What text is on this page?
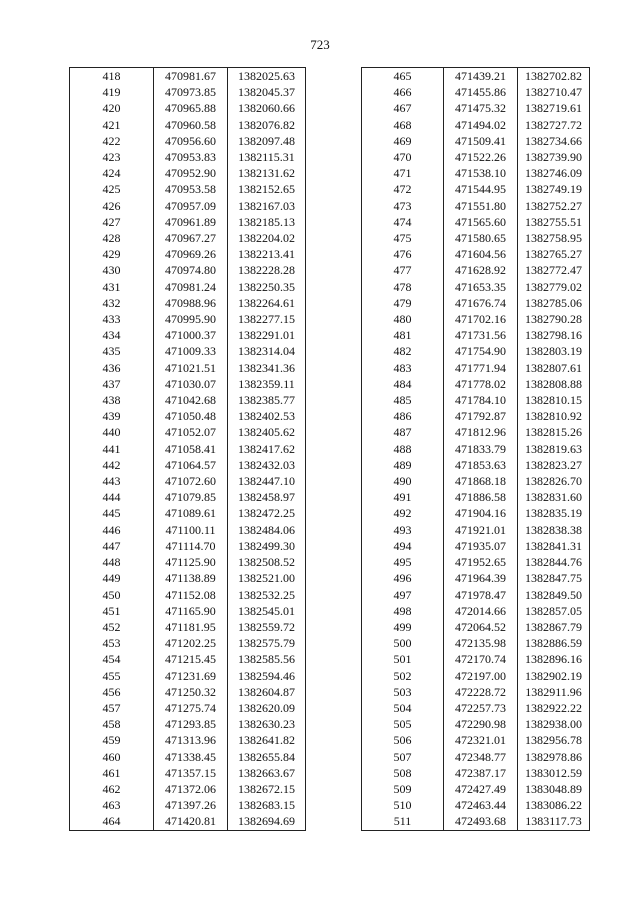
723
418	470981.67	1382025.63
419	470973.85	1382045.37
420	470965.88	1382060.66
421	470960.58	1382076.82
422	470956.60	1382097.48
423	470953.83	1382115.31
424	470952.90	1382131.62
425	470953.58	1382152.65
426	470957.09	1382167.03
427	470961.89	1382185.13
428	470967.27	1382204.02
429	470969.26	1382213.41
430	470974.80	1382228.28
431	470981.24	1382250.35
432	470988.96	1382264.61
433	470995.90	1382277.15
434	471000.37	1382291.01
435	471009.33	1382314.04
436	471021.51	1382341.36
437	471030.07	1382359.11
438	471042.68	1382385.77
439	471050.48	1382402.53
440	471052.07	1382405.62
441	471058.41	1382417.62
442	471064.57	1382432.03
443	471072.60	1382447.10
444	471079.85	1382458.97
445	471089.61	1382472.25
446	471100.11	1382484.06
447	471114.70	1382499.30
448	471125.90	1382508.52
449	471138.89	1382521.00
450	471152.08	1382532.25
451	471165.90	1382545.01
452	471181.95	1382559.72
453	471202.25	1382575.79
454	471215.45	1382585.56
455	471231.69	1382594.46
456	471250.32	1382604.87
457	471275.74	1382620.09
458	471293.85	1382630.23
459	471313.96	1382641.82
460	471338.45	1382655.84
461	471357.15	1382663.67
462	471372.06	1382672.15
463	471397.26	1382683.15
464	471420.81	1382694.69
465	471439.21	1382702.82
466	471455.86	1382710.47
467	471475.32	1382719.61
468	471494.02	1382727.72
469	471509.41	1382734.66
470	471522.26	1382739.90
471	471538.10	1382746.09
472	471544.95	1382749.19
473	471551.80	1382752.27
474	471565.60	1382755.51
475	471580.65	1382758.95
476	471604.56	1382765.27
477	471628.92	1382772.47
478	471653.35	1382779.02
479	471676.74	1382785.06
480	471702.16	1382790.28
481	471731.56	1382798.16
482	471754.90	1382803.19
483	471771.94	1382807.61
484	471778.02	1382808.88
485	471784.10	1382810.15
486	471792.87	1382810.92
487	471812.96	1382815.26
488	471833.79	1382819.63
489	471853.63	1382823.27
490	471868.18	1382826.70
491	471886.58	1382831.60
492	471904.16	1382835.19
493	471921.01	1382838.38
494	471935.07	1382841.31
495	471952.65	1382844.76
496	471964.39	1382847.75
497	471978.47	1382849.50
498	472014.66	1382857.05
499	472064.52	1382867.79
500	472135.98	1382886.59
501	472170.74	1382896.16
502	472197.00	1382902.19
503	472228.72	1382911.96
504	472257.73	1382922.22
505	472290.98	1382938.00
506	472321.01	1382956.78
507	472348.77	1382978.86
508	472387.17	1383012.59
509	472427.49	1383048.89
510	472463.44	1383086.22
511	472493.68	1383117.73
